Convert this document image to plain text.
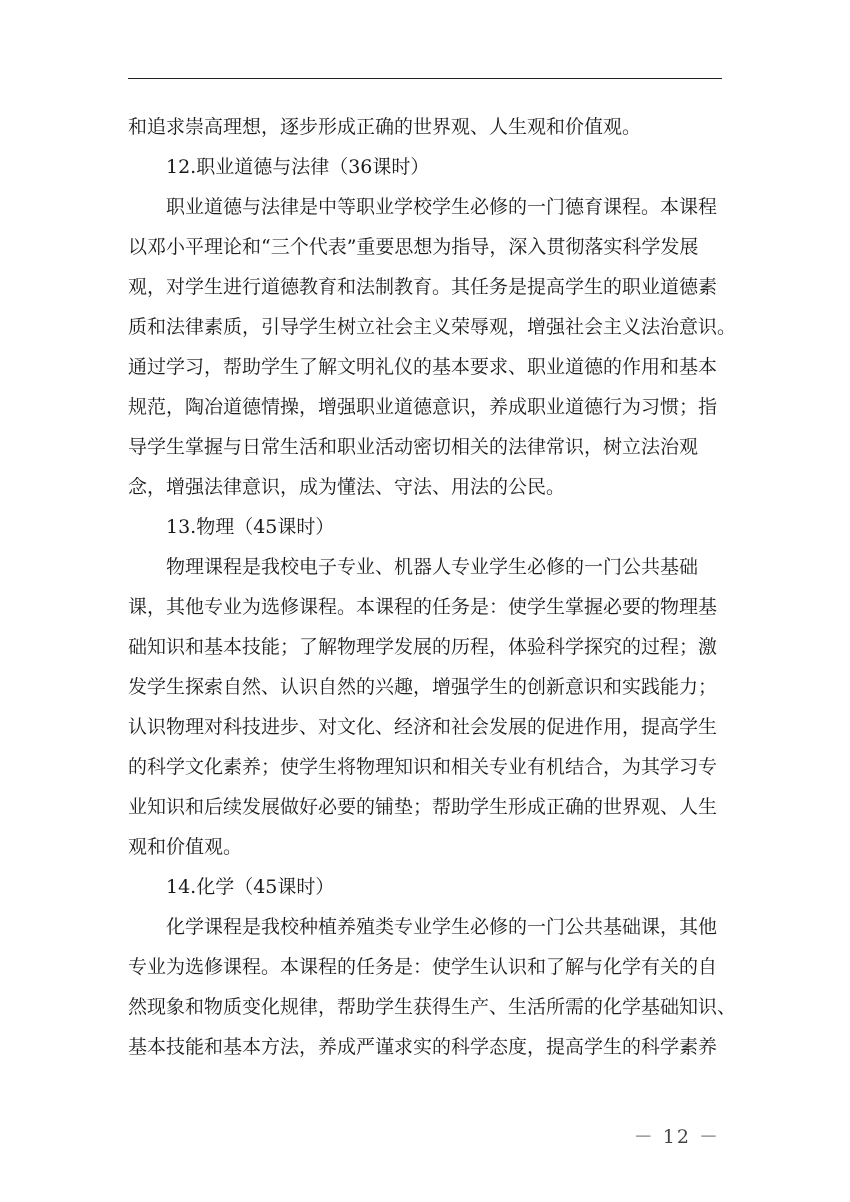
和追求崇高理想，逐步形成正确的世界观、人生观和价值观。
12.职业道德与法律（36课时）
职业道德与法律是中等职业学校学生必修的一门德育课程。本课程
以邓小平理论和“三个代表”重要思想为指导，深入贯彻落实科学发展
观，对学生进行道德教育和法制教育。其任务是提高学生的职业道德素
质和法律素质，引导学生树立社会主义荣辱观，增强社会主义法治意识。
通过学习，帮助学生了解文明礼仪的基本要求、职业道德的作用和基本
规范，陶冶道德情操，增强职业道德意识，养成职业道德行为习惯；指
导学生掌握与日常生活和职业活动密切相关的法律常识，树立法治观
念，增强法律意识，成为懂法、守法、用法的公民。
13.物理（45课时）
物理课程是我校电子专业、机器人专业学生必修的一门公共基础
课，其他专业为选修课程。本课程的任务是：使学生掌握必要的物理基
础知识和基本技能；了解物理学发展的历程，体验科学探究的过程；激
发学生探索自然、认识自然的兴趣，增强学生的创新意识和实践能力；
认识物理对科技进步、对文化、经济和社会发展的促进作用，提高学生
的科学文化素养；使学生将物理知识和相关专业有机结合，为其学习专
业知识和后续发展做好必要的铺垫；帮助学生形成正确的世界观、人生
观和价值观。
14.化学（45课时）
化学课程是我校种植养殖类专业学生必修的一门公共基础课，其他
专业为选修课程。本课程的任务是：使学生认识和了解与化学有关的自
然现象和物质变化规律，帮助学生获得生产、生活所需的化学基础知识、
基本技能和基本方法，养成严谨求实的科学态度，提高学生的科学素养
－ 12 －
